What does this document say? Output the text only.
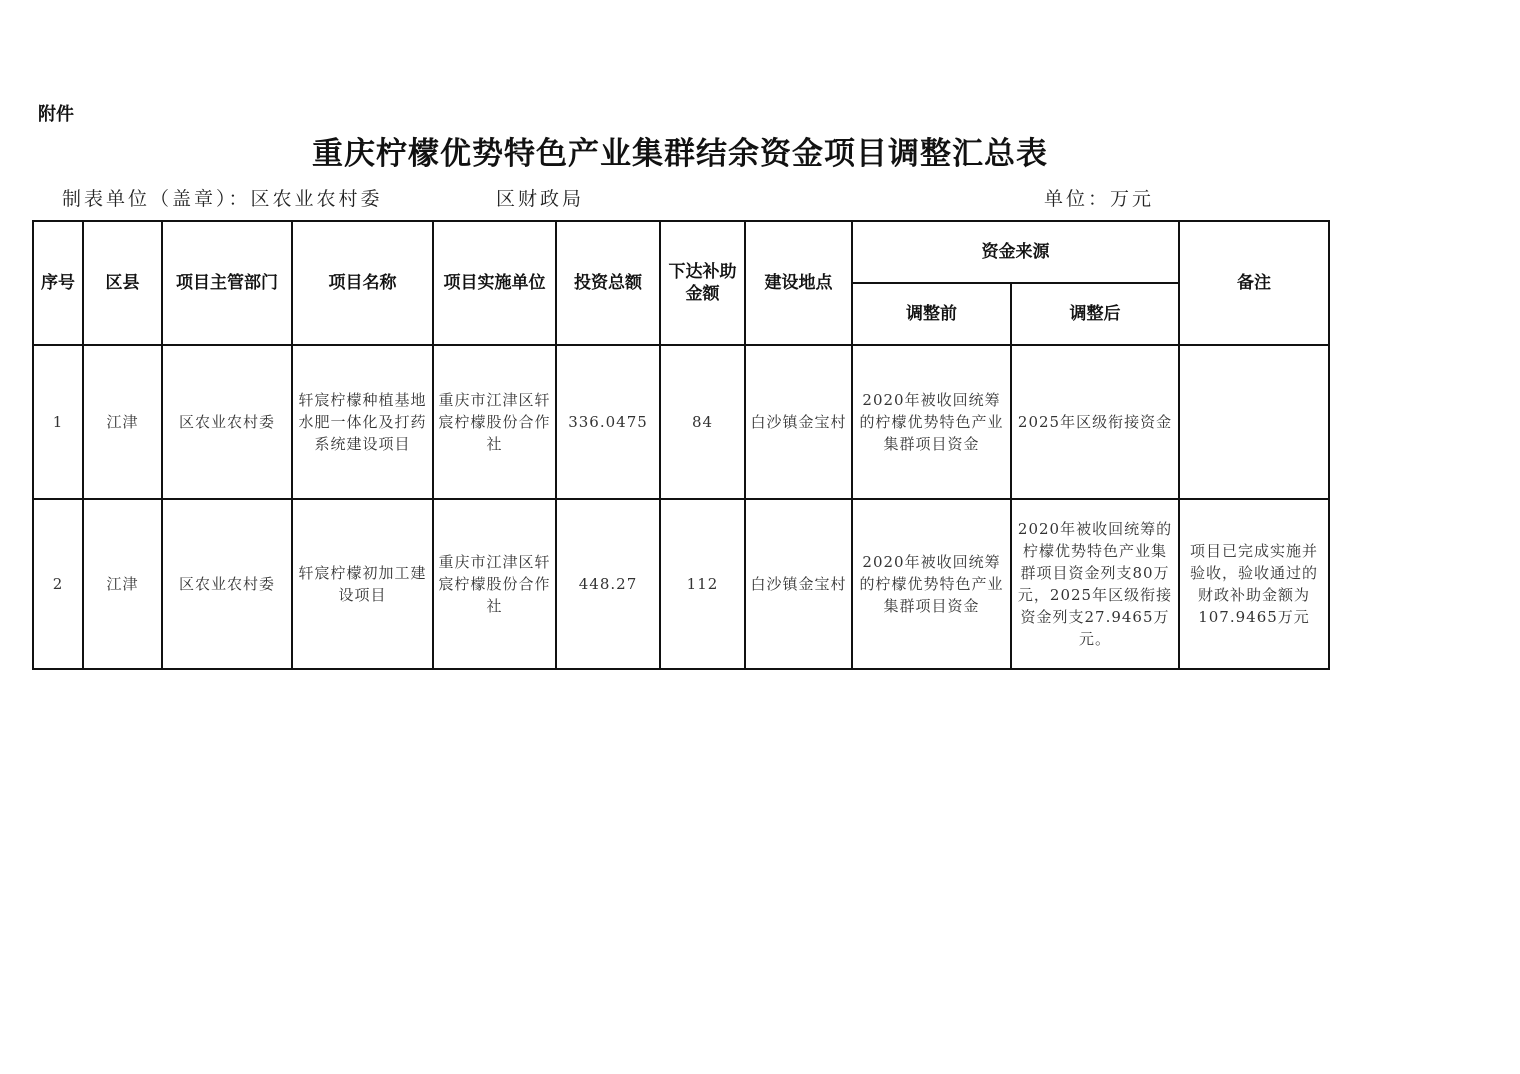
附件
重庆柠檬优势特色产业集群结余资金项目调整汇总表
制表单位（盖章）：区农业农村委	区财政局	单位：万元
序号	区县	项目主管部门	项目名称	项目实施单位	投资总额	下达补助金额	建设地点	资金来源		备注
								调整前	调整后	
1	江津	区农业农村委	轩宸柠檬种植基地水肥一体化及打药系统建设项目	重庆市江津区轩宸柠檬股份合作社	336.0475	84	白沙镇金宝村	2020年被收回统筹的柠檬优势特色产业集群项目资金	2025年区级衔接资金	
2	江津	区农业农村委	轩宸柠檬初加工建设项目	重庆市江津区轩宸柠檬股份合作社	448.27	112	白沙镇金宝村	2020年被收回统筹的柠檬优势特色产业集群项目资金	2020年被收回统筹的柠檬优势特色产业集群项目资金列支80万元，2025年区级衔接资金列支27.9465万元。	项目已完成实施并验收，验收通过的财政补助金额为107.9465万元
